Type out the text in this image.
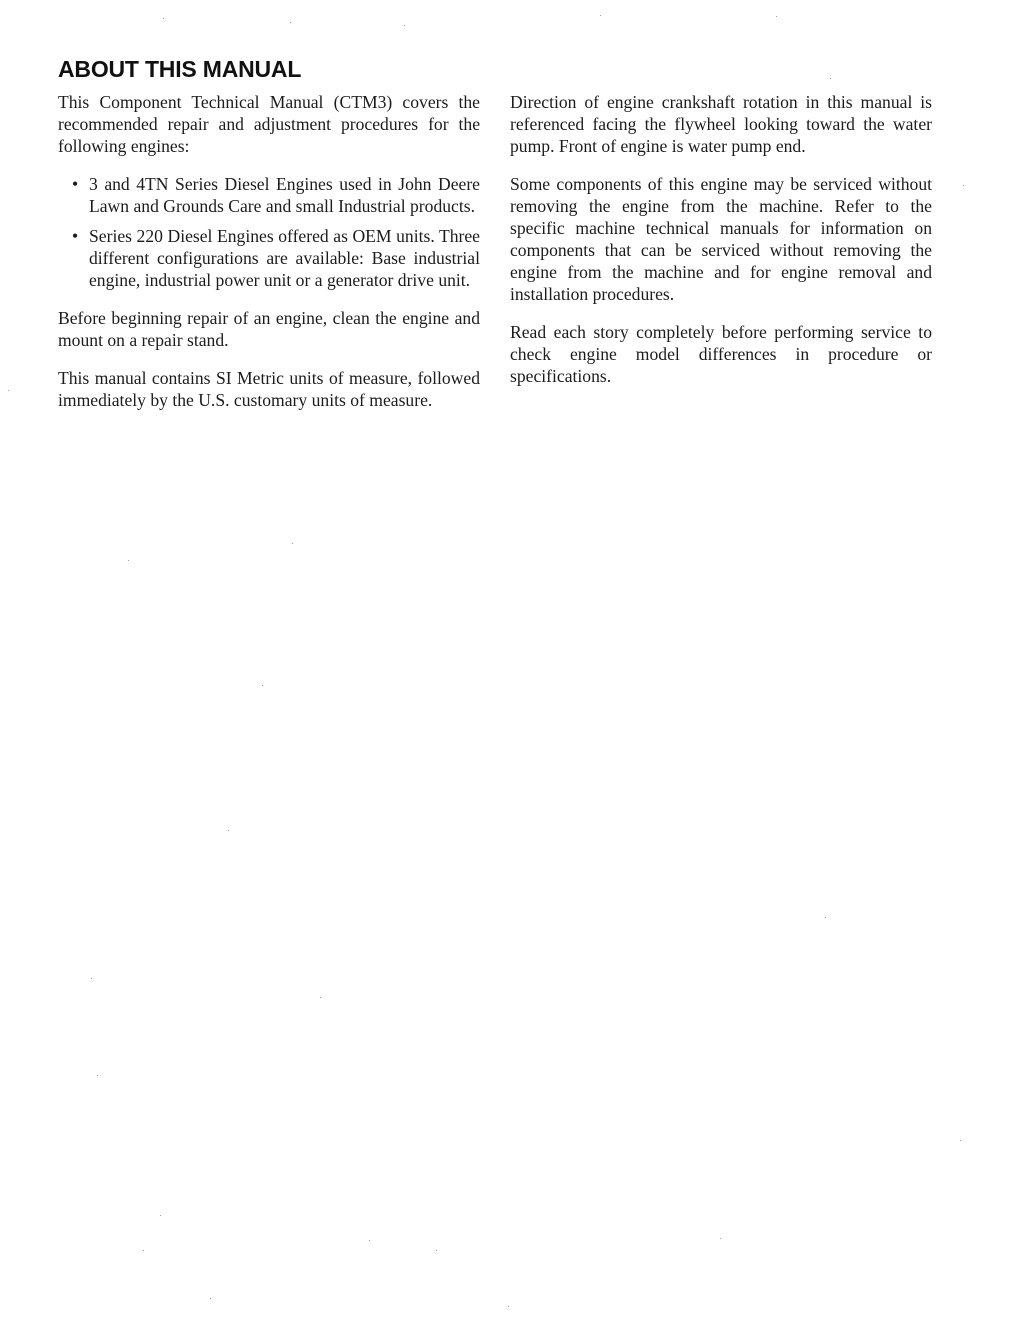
ABOUT THIS MANUAL

This Component Technical Manual (CTM3) covers the recommended repair and adjustment procedures for the following engines:

• 3 and 4TN Series Diesel Engines used in John Deere Lawn and Grounds Care and small Industrial products.
• Series 220 Diesel Engines offered as OEM units. Three different configurations are available: Base industrial engine, industrial power unit or a generator drive unit.

Before beginning repair of an engine, clean the engine and mount on a repair stand.

This manual contains SI Metric units of measure, followed immediately by the U.S. customary units of measure.

Direction of engine crankshaft rotation in this manual is referenced facing the flywheel looking toward the water pump. Front of engine is water pump end.

Some components of this engine may be serviced without removing the engine from the machine. Refer to the specific machine technical manuals for information on components that can be serviced without removing the engine from the machine and for engine removal and installation procedures.

Read each story completely before performing service to check engine model differences in procedure or specifications.
